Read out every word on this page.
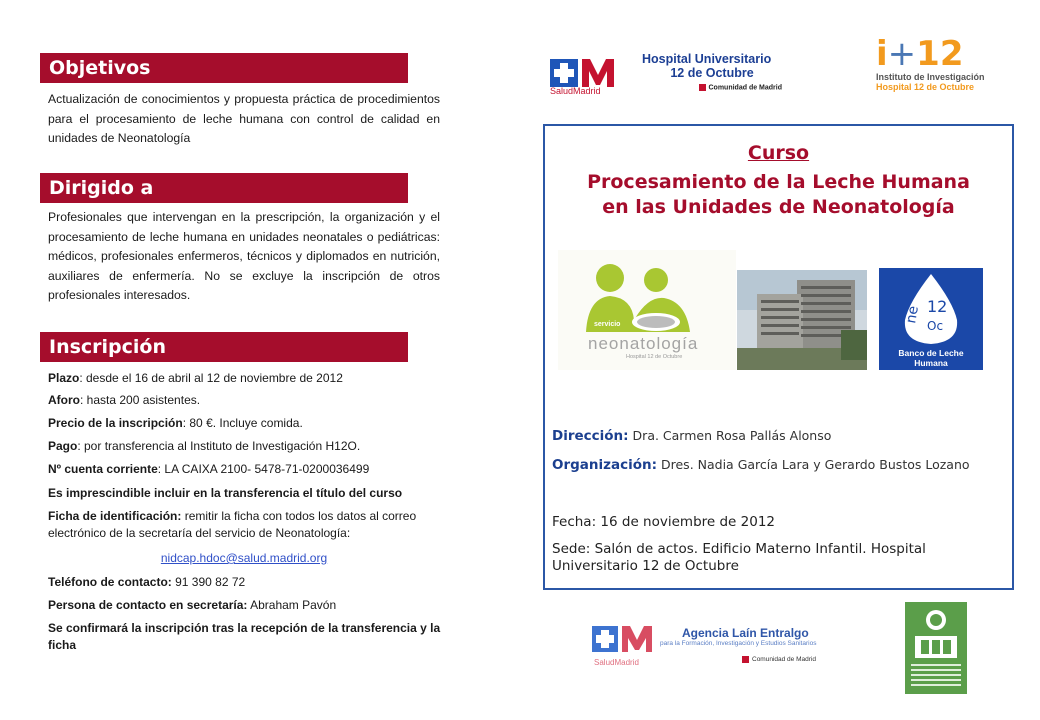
Objetivos
Actualización de conocimientos y propuesta práctica de procedimientos para el procesamiento de leche humana con control de calidad en unidades de Neonatología
Dirigido a
Profesionales que intervengan en la prescripción, la organización y el procesamiento de leche humana en unidades neonatales o pediátricas: médicos, profesionales enfermeros, técnicos y diplomados en nutrición, auxiliares de enfermería. No se excluye la inscripción de otros profesionales interesados.
Inscripción
Plazo: desde el 16 de abril al 12 de noviembre de 2012
Aforo: hasta 200 asistentes.
Precio de la inscripción: 80 €. Incluye comida.
Pago: por transferencia al Instituto de Investigación H12O.
Nº cuenta corriente: LA CAIXA 2100- 5478-71-0200036499
Es imprescindible incluir en la transferencia el título del curso
Ficha de identificación: remitir la ficha con todos los datos al correo electrónico de la secretaría del servicio de Neonatología:
nidcap.hdoc@salud.madrid.org
Teléfono de contacto: 91 390 82 72
Persona de contacto en secretaría: Abraham Pavón
Se confirmará la inscripción tras la recepción de la transferencia y la ficha
SaludMadrid
Hospital Universitario
12 de Octubre
Comunidad de Madrid
i+12
Instituto de Investigación
Hospital 12 de Octubre
Curso
Procesamiento de la Leche Humana
en las Unidades de Neonatología
servicio
neonatología
Hospital 12 de Octubre
ne 12
Oc
Banco de Leche
Humana
Dirección: Dra. Carmen Rosa Pallás Alonso
Organización: Dres. Nadia García Lara y Gerardo Bustos Lozano
Fecha: 16 de noviembre de 2012
Sede: Salón de actos. Edificio Materno Infantil. Hospital Universitario 12 de Octubre
Agencia Laín Entralgo
para la Formación, Investigación y Estudios Sanitarios
Comunidad de Madrid
SaludMadrid
